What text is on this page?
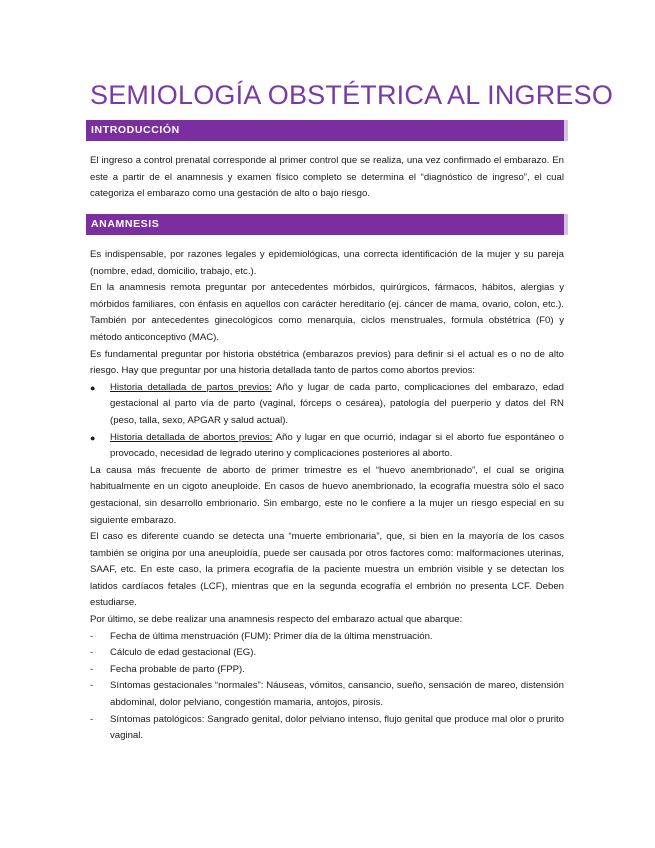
SEMIOLOGÍA OBSTÉTRICA AL INGRESO
INTRODUCCIÓN

El ingreso a control prenatal corresponde al primer control que se realiza, una vez confirmado el embarazo. En este a partir de el anamnesis y examen físico completo se determina el “diagnóstico de ingreso”, el cual categoriza el embarazo como una gestación de alto o bajo riesgo.

ANAMNESIS

Es indispensable, por razones legales y epidemiológicas, una correcta identificación de la mujer y su pareja (nombre, edad, domicilio, trabajo, etc.).

En la anamnesis remota preguntar por antecedentes mórbidos, quirúrgicos, fármacos, hábitos, alergias y mórbidos familiares, con énfasis en aquellos con carácter hereditario (ej. cáncer de mama, ovario, colon, etc.). También por antecedentes ginecológicos como menarquia, ciclos menstruales, formula obstétrica (F0) y método anticonceptivo (MAC).

Es fundamental preguntar por historia obstétrica (embarazos previos) para definir si el actual es o no de alto riesgo. Hay que preguntar por una historia detallada tanto de partos como abortos previos:

●	Historia detallada de partos previos: Año y lugar de cada parto, complicaciones del embarazo, edad gestacional al parto vía de parto (vaginal, fórceps o cesárea), patología del puerperio y datos del RN (peso, talla, sexo, APGAR y salud actual).
●	Historia detallada de abortos previos: Año y lugar en que ocurrió, indagar si el aborto fue espontáneo o provocado, necesidad de legrado uterino y complicaciones posteriores al aborto.

La causa más frecuente de aborto de primer trimestre es el “huevo anembrionado”, el cual se origina habitualmente en un cigoto aneuploide. En casos de huevo anembrionado, la ecografía muestra sólo el saco gestacional, sin desarrollo embrionario. Sin embargo, este no le confiere a la mujer un riesgo especial en su siguiente embarazo.

El caso es diferente cuando se detecta una “muerte embrionaria”, que, si bien en la mayoría de los casos también se origina por una aneuploidía, puede ser causada por otros factores como: malformaciones uterinas, SAAF, etc. En este caso, la primera ecografía de la paciente muestra un embrión visible y se detectan los latidos cardíacos fetales (LCF), mientras que en la segunda ecografía el embrión no presenta LCF. Deben estudiarse.

Por último, se debe realizar una anamnesis respecto del embarazo actual que abarque:

-	Fecha de última menstruación (FUM): Primer día de la última menstruación.
-	Cálculo de edad gestacional (EG).
-	Fecha probable de parto (FPP).
-	Síntomas gestacionales “normales”: Náuseas, vómitos, cansancio, sueño, sensación de mareo, distensión abdominal, dolor pelviano, congestión mamaria, antojos, pirosis.
-	Síntomas patológicos: Sangrado genital, dolor pelviano intenso, flujo genital que produce mal olor o prurito vaginal.
